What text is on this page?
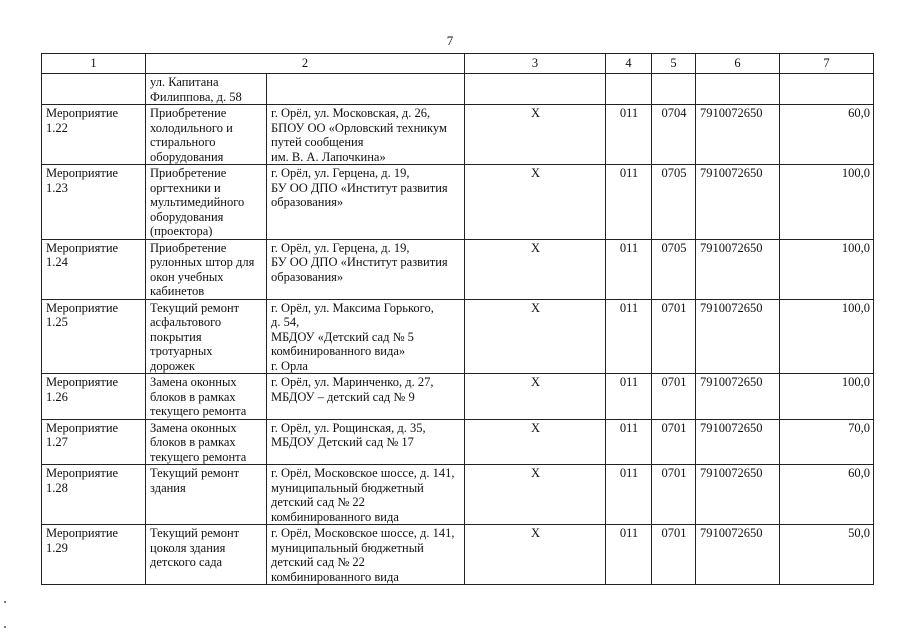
7
1	2		3	4	5	6	7

	ул. Капитана
Филиппова, д. 58						

Мероприятие
1.22	Приобретение
холодильного и
стирального
оборудования	г. Орёл, ул. Московская, д. 26,
БПОУ ОО «Орловский техникум
путей сообщения
им. В. А. Лапочкина»	Х	011	0704	7910072650	60,0

Мероприятие
1.23	Приобретение
оргтехники и
мультимедийного
оборудования
(проектора)	г. Орёл, ул. Герцена, д. 19,
БУ ОО ДПО «Институт развития
образования»	Х	011	0705	7910072650	100,0

Мероприятие
1.24	Приобретение
рулонных штор для
окон учебных
кабинетов	г. Орёл, ул. Герцена, д. 19,
БУ ОО ДПО «Институт развития
образования»	Х	011	0705	7910072650	100,0

Мероприятие
1.25	Текущий ремонт
асфальтового
покрытия
тротуарных
дорожек	г. Орёл, ул. Максима Горького,
д. 54,
МБДОУ «Детский сад № 5
комбинированного вида»
г. Орла	Х	011	0701	7910072650	100,0

Мероприятие
1.26	Замена оконных
блоков в рамках
текущего ремонта	г. Орёл, ул. Маринченко, д. 27,
МБДОУ – детский сад № 9	Х	011	0701	7910072650	100,0

Мероприятие
1.27	Замена оконных
блоков в рамках
текущего ремонта	г. Орёл, ул. Рощинская, д. 35,
МБДОУ Детский сад № 17	Х	011	0701	7910072650	70,0

Мероприятие
1.28	Текущий ремонт
здания	г. Орёл, Московское шоссе, д. 141,
муниципальный бюджетный
детский сад № 22
комбинированного вида	Х	011	0701	7910072650	60,0

Мероприятие
1.29	Текущий ремонт
цоколя здания
детского сада	г. Орёл, Московское шоссе, д. 141,
муниципальный бюджетный
детский сад № 22
комбинированного вида	Х	011	0701	7910072650	50,0
